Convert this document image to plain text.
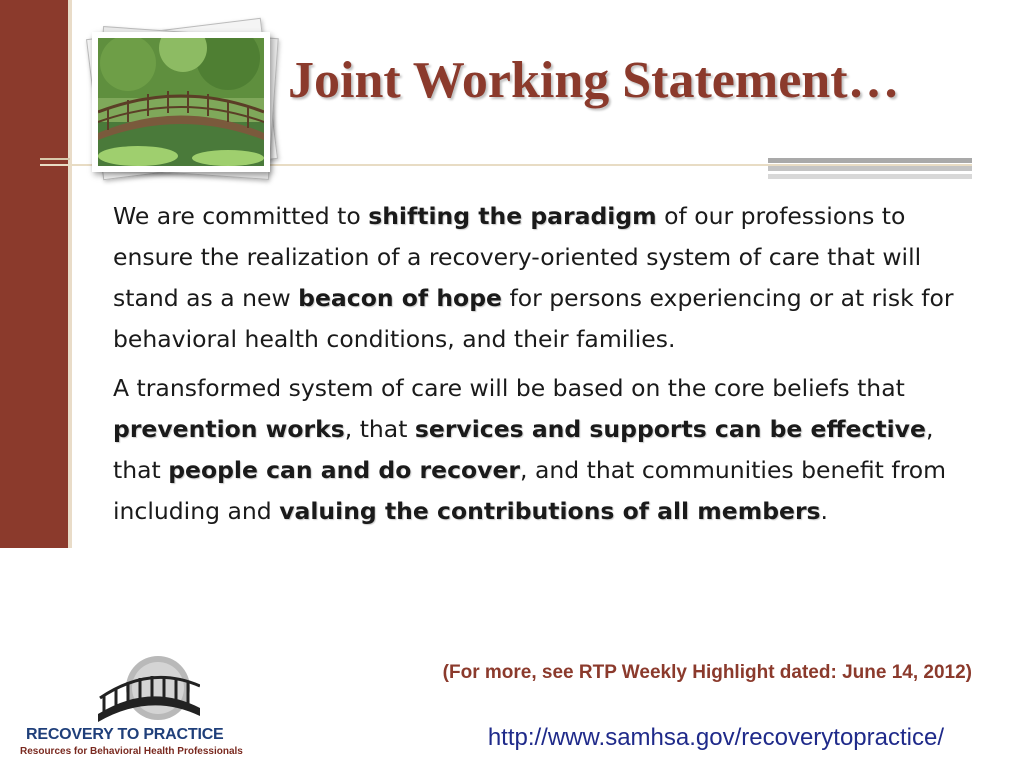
Joint Working Statement…

We are committed to shifting the paradigm of our professions to ensure the realization of a recovery-oriented system of care that will stand as a new beacon of hope for persons experiencing or at risk for behavioral health conditions, and their families.

A transformed system of care will be based on the core beliefs that prevention works, that services and supports can be effective, that people can and do recover, and that communities benefit from including and valuing the contributions of all members.

(For more, see RTP Weekly Highlight dated: June 14, 2012)
http://www.samhsa.gov/recoverytopractice/
RECOVERY TO PRACTICE
Resources for Behavioral Health Professionals
